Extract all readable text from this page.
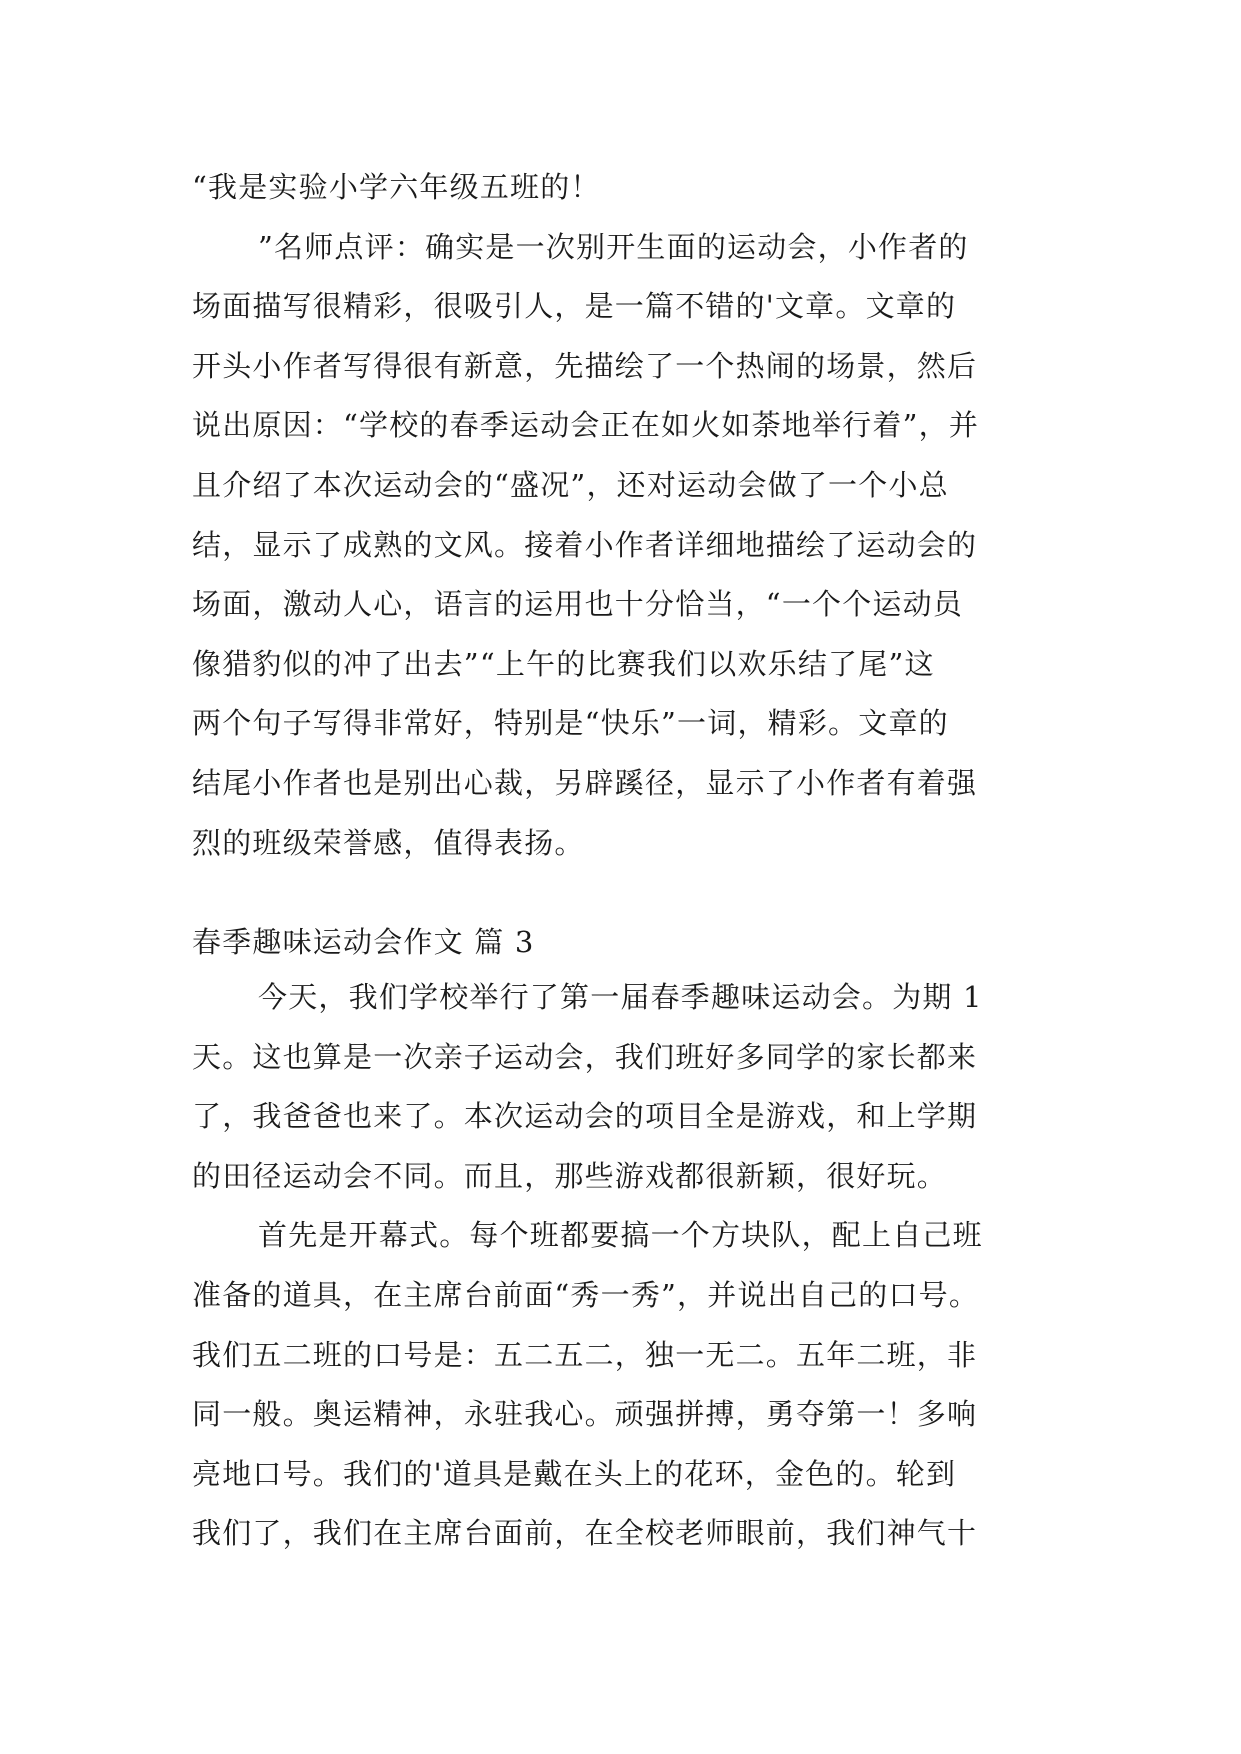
“我是实验小学六年级五班的！
”名师点评：确实是一次别开生面的运动会，小作者的
场面描写很精彩，很吸引人，是一篇不错的'文章。文章的
开头小作者写得很有新意，先描绘了一个热闹的场景，然后
说出原因：“学校的春季运动会正在如火如荼地举行着”，并
且介绍了本次运动会的“盛况”，还对运动会做了一个小总
结，显示了成熟的文风。接着小作者详细地描绘了运动会的
场面，激动人心，语言的运用也十分恰当，“一个个运动员
像猎豹似的冲了出去”“上午的比赛我们以欢乐结了尾”这
两个句子写得非常好，特别是“快乐”一词，精彩。文章的
结尾小作者也是别出心裁，另辟蹊径，显示了小作者有着强
烈的班级荣誉感，值得表扬。
春季趣味运动会作文 篇 3
今天，我们学校举行了第一届春季趣味运动会。为期 1
天。这也算是一次亲子运动会，我们班好多同学的家长都来
了，我爸爸也来了。本次运动会的项目全是游戏，和上学期
的田径运动会不同。而且，那些游戏都很新颖，很好玩。
首先是开幕式。每个班都要搞一个方块队，配上自己班
准备的道具，在主席台前面“秀一秀”，并说出自己的口号。
我们五二班的口号是：五二五二，独一无二。五年二班，非
同一般。奥运精神，永驻我心。顽强拼搏，勇夺第一！多响
亮地口号。我们的'道具是戴在头上的花环，金色的。轮到
我们了，我们在主席台面前，在全校老师眼前，我们神气十
